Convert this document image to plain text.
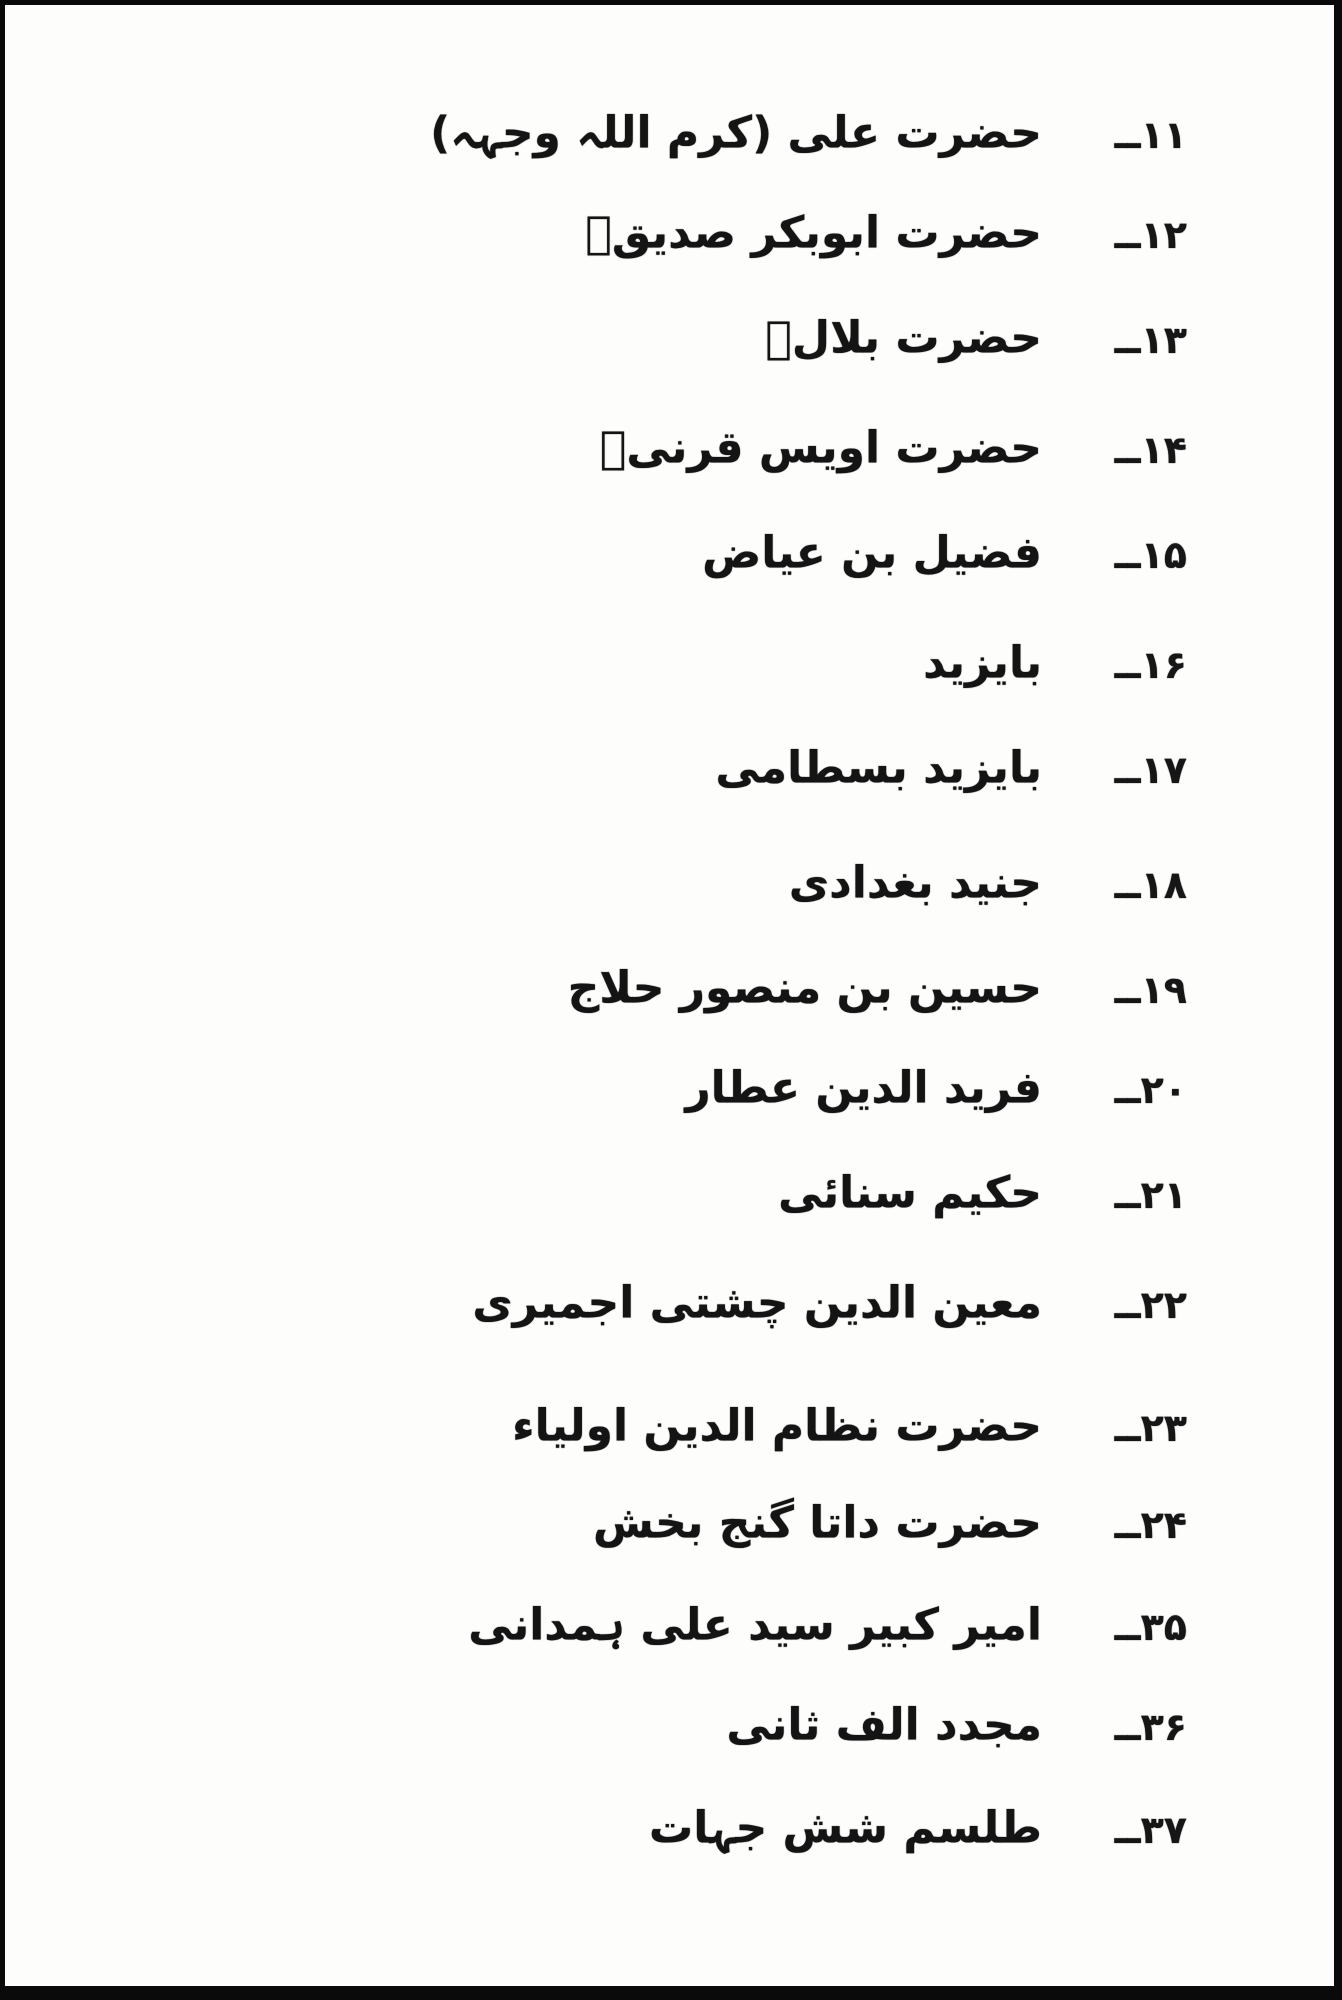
۱۱ــ
حضرت علی (کرم اللہ وجہہ)
۱۲ــ
حضرت ابوبکر صدیقؓ
۱۳ــ
حضرت بلالؓ
۱۴ــ
حضرت اویس قرنیؓ
۱۵ــ
فضیل بن عیاض
۱۶ــ
بایزید
۱۷ــ
بایزید بسطامی
۱۸ــ
جنید بغدادی
۱۹ــ
حسین بن منصور حلاج
۲۰ــ
فرید الدین عطار
۲۱ــ
حکیم سنائی
۲۲ــ
معین الدین چشتی اجمیری
۲۳ــ
حضرت نظام الدین اولیاء
۲۴ــ
حضرت داتا گنج بخش
۳۵ــ
امیر کبیر سید علی ہمدانی
۳۶ــ
مجدد الف ثانی
۳۷ــ
طلسم شش جہات
